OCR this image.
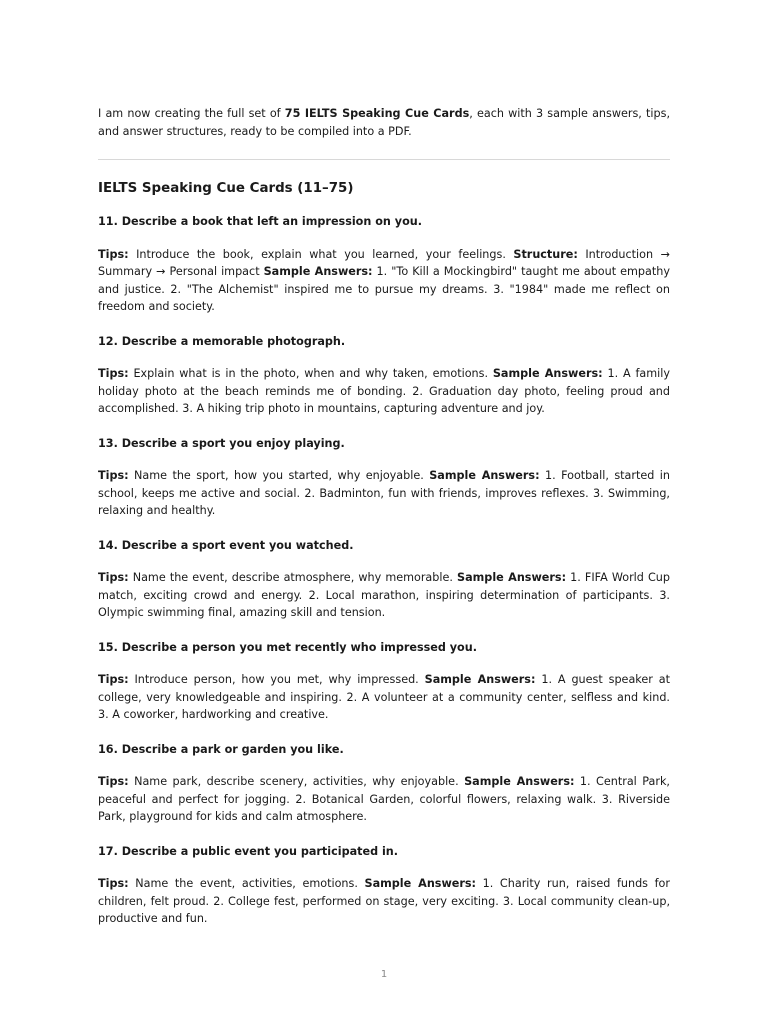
I am now creating the full set of 75 IELTS Speaking Cue Cards, each with 3 sample answers, tips, and answer structures, ready to be compiled into a PDF.

IELTS Speaking Cue Cards (11–75)

11. Describe a book that left an impression on you.

Tips: Introduce the book, explain what you learned, your feelings. Structure: Introduction → Summary → Personal impact Sample Answers: 1. "To Kill a Mockingbird" taught me about empathy and justice. 2. "The Alchemist" inspired me to pursue my dreams. 3. "1984" made me reflect on freedom and society.

12. Describe a memorable photograph.

Tips: Explain what is in the photo, when and why taken, emotions. Sample Answers: 1. A family holiday photo at the beach reminds me of bonding. 2. Graduation day photo, feeling proud and accomplished. 3. A hiking trip photo in mountains, capturing adventure and joy.

13. Describe a sport you enjoy playing.

Tips: Name the sport, how you started, why enjoyable. Sample Answers: 1. Football, started in school, keeps me active and social. 2. Badminton, fun with friends, improves reflexes. 3. Swimming, relaxing and healthy.

14. Describe a sport event you watched.

Tips: Name the event, describe atmosphere, why memorable. Sample Answers: 1. FIFA World Cup match, exciting crowd and energy. 2. Local marathon, inspiring determination of participants. 3. Olympic swimming final, amazing skill and tension.

15. Describe a person you met recently who impressed you.

Tips: Introduce person, how you met, why impressed. Sample Answers: 1. A guest speaker at college, very knowledgeable and inspiring. 2. A volunteer at a community center, selfless and kind. 3. A coworker, hardworking and creative.

16. Describe a park or garden you like.

Tips: Name park, describe scenery, activities, why enjoyable. Sample Answers: 1. Central Park, peaceful and perfect for jogging. 2. Botanical Garden, colorful flowers, relaxing walk. 3. Riverside Park, playground for kids and calm atmosphere.

17. Describe a public event you participated in.

Tips: Name the event, activities, emotions. Sample Answers: 1. Charity run, raised funds for children, felt proud. 2. College fest, performed on stage, very exciting. 3. Local community clean-up, productive and fun.

1
